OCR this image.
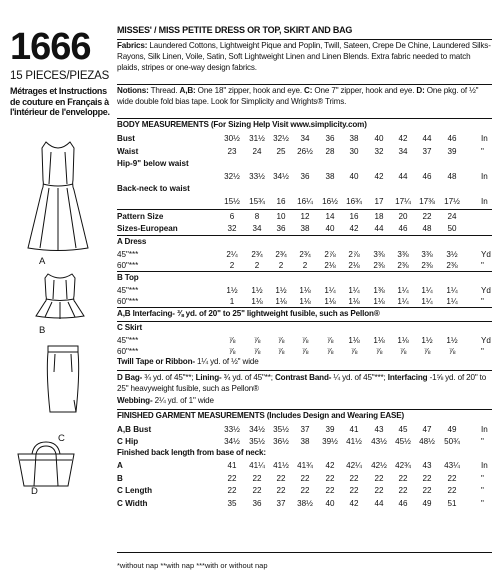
1666
15 PIECES/PIEZAS
Métrages et Instructions de couture en Français à l'intérieur de l'enveloppe.
A
B
C
D
MISSES' / MISS PETITE DRESS OR TOP, SKIRT AND BAG
Fabrics: Laundered Cottons, Lightweight Pique and Poplin, Twill, Sateen, Crepe De Chine, Laundered Silks-Rayons, Silk Linen, Voile, Satin, Soft Lightweight Linen and Linen Blends. Extra fabric needed to match plaids, stripes or one-way design fabrics.
Notions: Thread. A,B: One 18" zipper, hook and eye. C: One 7" zipper, hook and eye. D: One pkg. of ½" wide double fold bias tape. Look for Simplicity and Wrights® Trims.
BODY MEASUREMENTS (For Sizing Help Visit www.simplicity.com)
Bust	30½	31½	32½	34	36	38	40	42	44	46	In
Waist	23	24	25	26½	28	30	32	34	37	39	"
Hip-9" below waist
32½	33½	34½	36	38	40	42	44	46	48	In
Back-neck to waist
15½	15¾	16	16¼	16½	16¾	17	17¼	17⅜	17½	In
Pattern Size	6	8	10	12	14	16	18	20	22	24
Sizes-European	32	34	36	38	40	42	44	46	48	50
A Dress
45"***	2¼	2¾	2¾	2¾	2⅞	2⅞	3⅜	3⅜	3⅜	3½	Yd
60"***	2	2	2	2	2⅛	2⅛	2⅜	2⅜	2⅜	2⅜	"
B Top
45"***	1½	1½	1½	1⅛	1¼	1¼	1⅜	1¼	1¼	1¼	Yd
60"***	1	1⅛	1⅛	1⅛	1⅛	1⅛	1⅛	1¼	1¼	1¼	"
A,B Interfacing- ⅜ yd. of 20" to 25" lightweight fusible, such as Pellon®
C Skirt
45"***	⅞	⅞	⅞	⅞	⅞	1⅛	1⅛	1⅛	1½	1½	Yd
60"***	⅞	⅞	⅞	⅞	⅞	⅞	⅞	⅞	⅞	⅞	"
Twill Tape or Ribbon- 1¼ yd. of ½" wide
D Bag- ¾ yd. of 45"**; Lining- ¾ yd. of 45"**; Contrast Band- ¼ yd. of 45"***; Interfacing -1⅝ yd. of 20" to 25" heavyweight fusible, such as Pellon®
Webbing- 2¼ yd. of 1" wide
FINISHED GARMENT MEASUREMENTS (Includes Design and Wearing EASE)
A,B Bust	33½	34½	35½	37	39	41	43	45	47	49	In
C Hip	34½	35½	36½	38	39½	41½	43½	45½	48½	50¾	"
Finished back length from base of neck:
A	41	41¼	41½	41¾	42	42¼	42½	42¾	43	43¼	In
B	22	22	22	22	22	22	22	22	22	22	"
C Length	22	22	22	22	22	22	22	22	22	22	"
C Width	35	36	37	38½	40	42	44	46	49	51	"
*without nap **with nap ***with or without nap
